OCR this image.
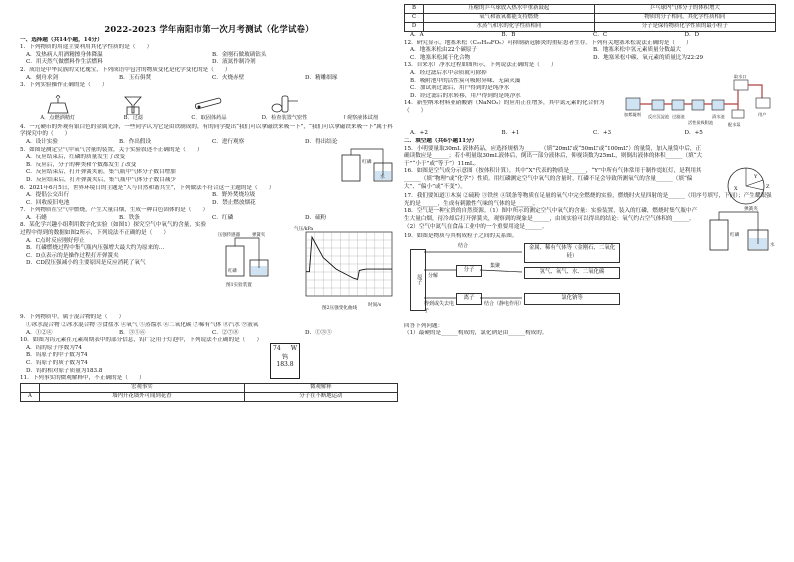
2022-2023 学年南阳市第一次月考测试（化学试卷）
一、选择题（共14小题，14分）
1．下列物质的用途主要利用其化学性质的是（　　）
A．发热病人用酒精擦身体降温	B．金刚石做玻璃钻头
C．用天然气做燃料作生活燃料	D．液氮作制冷剂
2．成语是中华民族的文化瑰宝，下列成语中包含的物质变化是化学变化的是（　　）
A．刻舟求剑	B．玉石俱焚	C．火烧赤壁	D．精雕细琢
3．下列实验操作正确的是（　　）
A．点燃酒精灯	B．过滤	C．取固体药品	D．检查装置气密性	↑观察液体试剂
4．一元硬币的外观有银白色的金属光泽，一些同学认为它是由铁制成的，有的同学提出“我们可以拿磁铁来吸一下”，“我们可以拿磁铁来吸一下”属于科学探究中的（　　）
A．设计实验	B．作出假设	C．进行观察	D．得出结论
5．如图是测定空气中氧气含量的装置，关于实验叙述不正确的是（　　）
A．反应结束后，红磷的质量发生了改变
B．反应后，分子的种类和个数都发生了改变
C．反应结束后，打开弹簧夹前，集气瓶中气体分子数目增加
D．反应结束后，打开弹簧夹后，集气瓶中气体分子数目减少
红磷
水
6．2021年6月5日，世界环境日的主题是“人与自然和谐共生”，下列做法不符合这一主题的是（　　）
A．提倡公交出行	B．野外焚烧垃圾
C．回收废旧电池	D．禁止燃放烟花
7．下列物质在空气中燃烧，产生大量白烟，生成一种白色固体的是（　　）
A．石蜡	B．铁条	C．红磷	D．硫粉
8．某化学兴趣小组利用数字化实验（如图1）探究空气中氧气的含量，实验过程中得到的数据如图2所示，下列说法不正确的是（　　）
A．C点时反应刚好停止
B．红磷燃烧过程中集气瓶内压强增大最大约为原来的…
C．D点表示的是操作过程打开弹簧夹
D．CD段压强减小的主要原因是反应消耗了氧气
压强传感器	弹簧夹
红磷
图1实验装置
气压/kPa
时间/s
图2压强变化曲线
9．下列物质中，属于混合物的是（　　）
①冰水混合物 ②冰水混合物 ③食盐水 ④氧气 ⑤蒸馏水 ⑥二氧化碳 ⑦稀有气体 ⑧汽水 ⑨液氧
A．①②④	B．③⑤⑥	C．②⑦⑧	D．①③⑤
10．如图为钨元素在元素周期表中的部分信息，钨广泛用于灯泡中，下列说法不正确的是（　　）
A．钨的原子序数为74
B．钨原子的中子数为74
C．钨原子的质子数为74
D．钨的相对原子质量为183.8
74 W
钨
183.8
11．下列事实的微观解释中，不正确的是（　　）
	宏观事实	微观解释
A	墙内开花墙外可闻到花香	分子在不断地运动
B	压瘪的乒乓球放入热水中重新鼓起	乒乓球内气体分子的体积增大
C	氧气和液氧都能支持燃烧	物质的分子相同，其化学性质相同
D	水蒸气和水的化学性质相同	分子是保持物质化学性质的最小粒子
A．A	B．B	C．C	D．D
12．研究显示，地塞米松（C₂₂H₂₉FO₅）可抑制新冠肺炎的重症患者生存。下列有关地塞米松说法正确的是（　　）
A．地塞米松由22个碳原子	B．地塞米松中氢元素质量分数最大
C．地塞米松属于化合物	D．地塞米松中碳、氧元素的质量比为22:29
13．自来水厂净水过程如图所示，下列说法正确的是（　　）
A．经过滤后水中杂质就可除掉
B．吸附池中的活性炭可吸附异味、无菌灭藻
C．加试剂过滤后，用户得到的是纯净水
D．经过滤后的水转移，用户得到的是纯净水
14．新型纳米材料亚硝酸钠（NaNO₂）的应用正在增多，其中氮元素的化合价为（　　）
取水口
加絮凝剂 反应沉淀池 过滤池
活性炭吸附池
清水池
配水泵
用户
A．+2	B．+1	C．+3	D．+5
二．填空题（共6小题11分）
15．小明要量取30mL 液体药品，应选择规格为______（填“20mL”或“50mL”或“100mL”）的量筒，加入量筒中后，正确读数应是______；若小明量取30mL液体后，倒出一部分液体后，仰视读数为25mL，则倒出液体的体积______（填“大于”“小于”或“等于”）11mL。
16．如图是空气成分示意图（按体积计算），其中“X”代表的物质是______，“Y”中所有气体常用于制作霓虹灯，是利用其______（填“物理”或“化学”）性质。用红磷测定空气中氧气的含量时，红磷不足会导致所测氧气的含量______（填“偏大”、“偏小”或“不变”）。	X
Y
Z
17．我们要知道①木炭 ②硫粉 ③铁丝 ④镁条等物质在足量的氧气中完全燃烧的实验，燃烧时火星四射的是______（用序号填写，下同）；产生耀眼强光的是______，生成有刺激性气味的气体的是______。
18．空气是一种宝贵的自然资源。（1）图中所示的测定空气中氧气的含量：实验装置，装入的红磷，燃烧时集气瓶中产生大量白烟，待冷却后打开弹簧夹，观察到的现象是______，由该实验可以得出的结论：氧气约占空气体积的______。（2）空气中氮气在食品工业中的一个重要用途是______。
弹簧夹
红磷
水
19．如图是物质与其构成粒子之间的关系图。
原子
分子
离子
金属、稀有气体等（金刚石、二氧化硅）
氢气、氧气、水、二氧化碳
氯化钠等
结合
分解
集聚
得到或失去电子
结合（静电作用）
回答下列问题：
（1）最硬的是______构成的，氯化钠是由______构成的。
